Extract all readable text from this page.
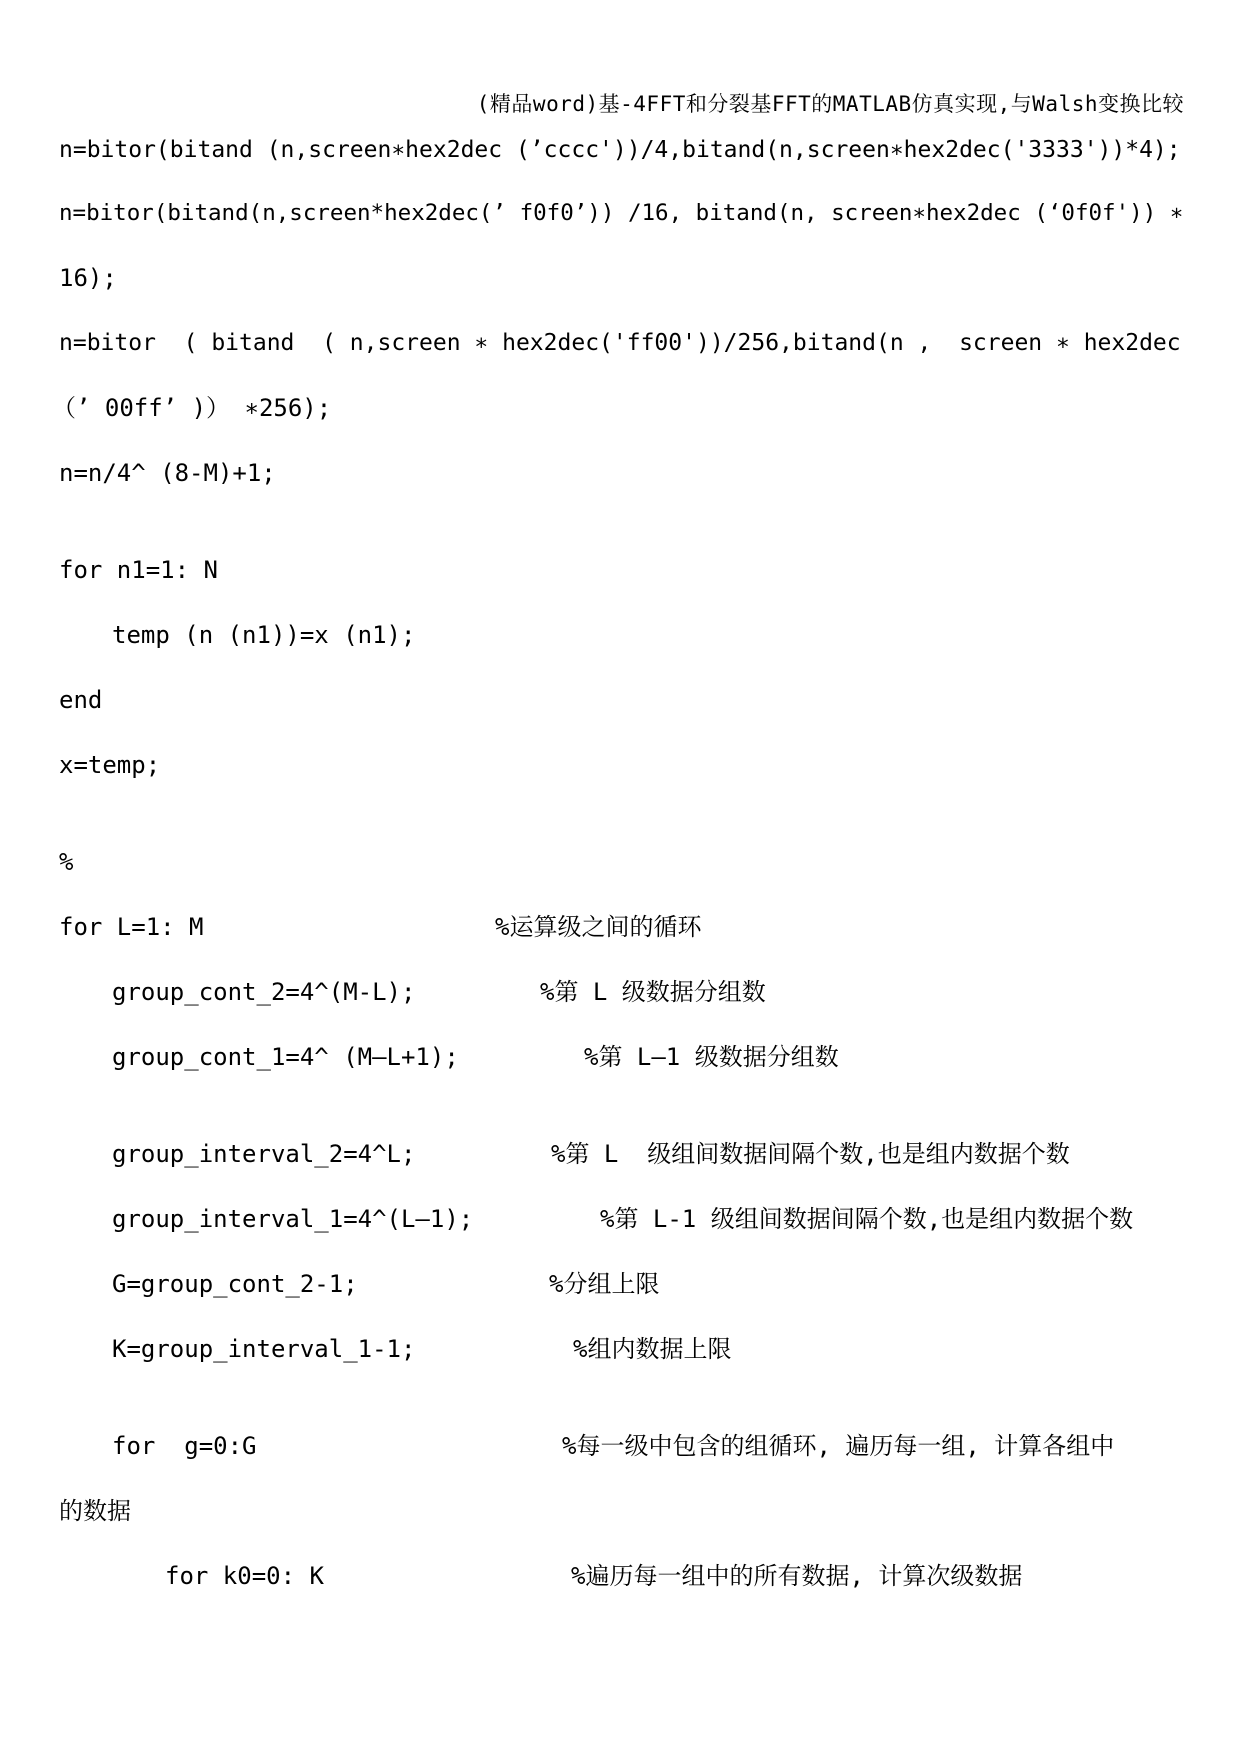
(精品word)基-4FFT和分裂基FFT的MATLAB仿真实现,与Walsh变换比较
n=bitor(bitand (n,screen∗hex2dec (’cccc'))/4,bitand(n,screen∗hex2dec('3333'))*4);
n=bitor(bitand(n,screen*hex2dec(’ f0f0’)) /16, bitand(n, screen∗hex2dec (‘0f0f')) ∗
16);
n=bitor  ( bitand  ( n,screen ∗ hex2dec('ff00'))/256,bitand(n ,  screen ∗ hex2dec
（’ 00ff’ )） ∗256);
n=n/4^ (8-M)+1;
for n1=1: N
temp (n (n1))=x (n1);
end
x=temp;
%
for L=1: M	%运算级之间的循环
group_cont_2=4^(M-L);	%第 L 级数据分组数
group_cont_1=4^ (M—L+1);	%第 L—1 级数据分组数
group_interval_2=4^L;	%第 L  级组间数据间隔个数,也是组内数据个数
group_interval_1=4^(L—1);	%第 L-1 级组间数据间隔个数,也是组内数据个数
G=group_cont_2-1;	%分组上限
K=group_interval_1-1;	%组内数据上限
for  g=0:G	%每一级中包含的组循环, 遍历每一组, 计算各组中
的数据
for k0=0: K	%遍历每一组中的所有数据, 计算次级数据
